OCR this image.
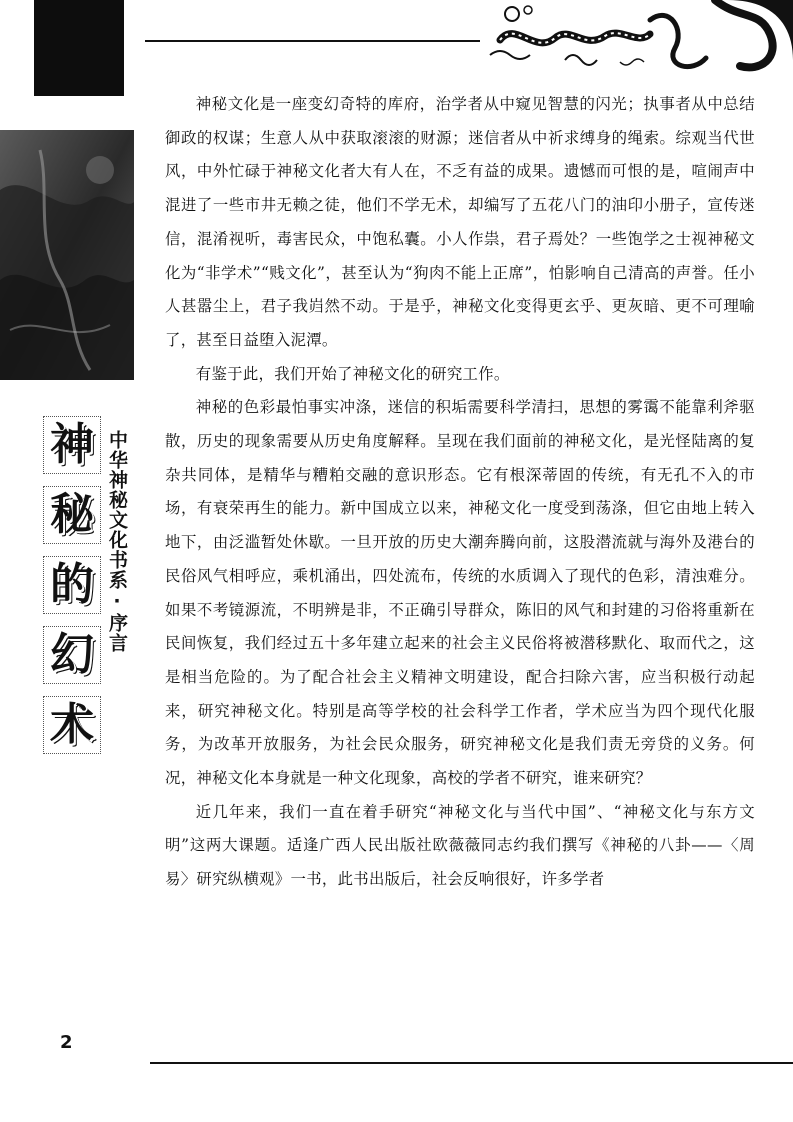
神
秘
的
幻
术
中华神秘文化书系·序言

神秘文化是一座变幻奇特的库府，治学者从中窥见智慧的闪光；执事者从中总结御政的权谋；生意人从中获取滚滚的财源；迷信者从中祈求缚身的绳索。综观当代世风，中外忙碌于神秘文化者大有人在，不乏有益的成果。遗憾而可恨的是，喧闹声中混进了一些市井无赖之徒，他们不学无术，却编写了五花八门的油印小册子，宣传迷信，混淆视听，毒害民众，中饱私囊。小人作祟，君子焉处？一些饱学之士视神秘文化为“非学术”“贱文化”，甚至认为“狗肉不能上正席”，怕影响自己清高的声誉。任小人甚嚣尘上，君子我岿然不动。于是乎，神秘文化变得更玄乎、更灰暗、更不可理喻了，甚至日益堕入泥潭。

有鉴于此，我们开始了神秘文化的研究工作。

神秘的色彩最怕事实冲涤，迷信的积垢需要科学清扫，思想的雾霭不能靠利斧驱散，历史的现象需要从历史角度解释。呈现在我们面前的神秘文化，是光怪陆离的复杂共同体，是精华与糟粕交融的意识形态。它有根深蒂固的传统，有无孔不入的市场，有衰荣再生的能力。新中国成立以来，神秘文化一度受到荡涤，但它由地上转入地下，由泛滥暂处休歇。一旦开放的历史大潮奔腾向前，这股潜流就与海外及港台的民俗风气相呼应，乘机涌出，四处流布，传统的水质调入了现代的色彩，清浊难分。如果不考镜源流，不明辨是非，不正确引导群众，陈旧的风气和封建的习俗将重新在民间恢复，我们经过五十多年建立起来的社会主义民俗将被潜移默化、取而代之，这是相当危险的。为了配合社会主义精神文明建设，配合扫除六害，应当积极行动起来，研究神秘文化。特别是高等学校的社会科学工作者，学术应当为四个现代化服务，为改革开放服务，为社会民众服务，研究神秘文化是我们责无旁贷的义务。何况，神秘文化本身就是一种文化现象，高校的学者不研究，谁来研究？

近几年来，我们一直在着手研究“神秘文化与当代中国”、“神秘文化与东方文明”这两大课题。适逢广西人民出版社欧薇薇同志约我们撰写《神秘的八卦——〈周易〉研究纵横观》一书，此书出版后，社会反响很好，许多学者

2
